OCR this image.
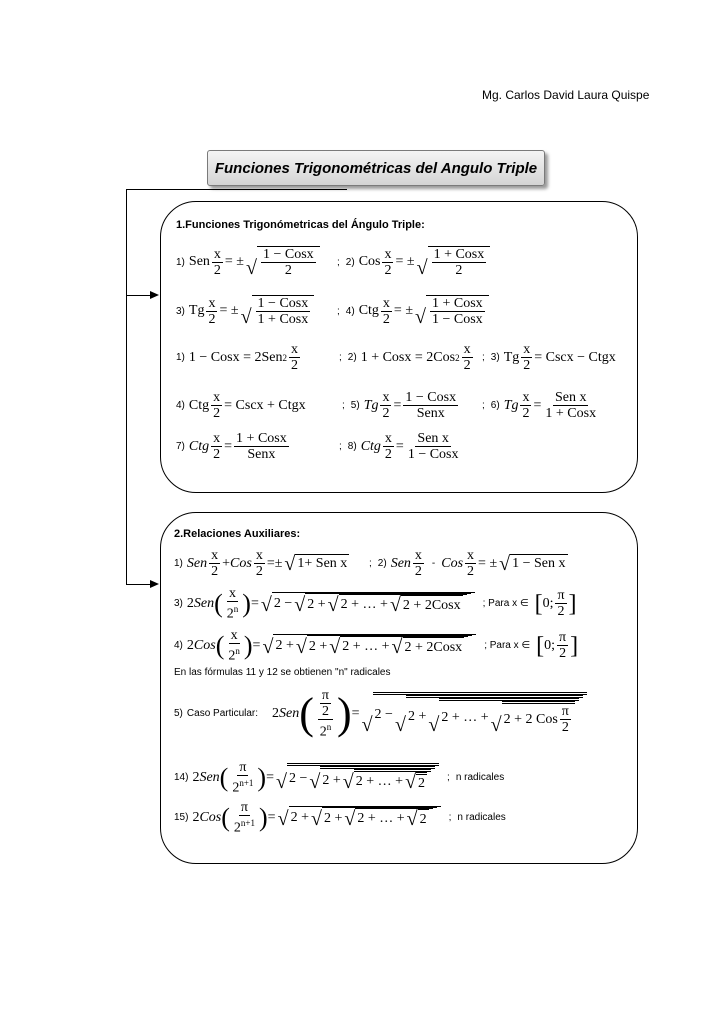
Mg. Carlos David Laura Quispe
Funciones Trigonométricas del Angulo Triple
1.Funciones Trigonómetricas del Ángulo Triple:
1) Sen $\frac{x}{2}$ = ± √ $\frac{\text{1 − Cosx}}{2}$ ; 2) Cos $\frac{x}{2}$ = ± √ $\frac{\text{1 + Cosx}}{2}$
3) Tg $\frac{x}{2}$ = ± √ $\frac{\text{1 − Cosx}}{\text{1 + Cosx}}$	; 4) Ctg $\frac{x}{2}$ = ± √ $\frac{\text{1 + Cosx}}{\text{1 − Cosx}}$
1) 1 − Cosx = 2Sen $2 \frac{x}{2}$	; 2) 1 + Cosx = 2Cos $2 \frac{x}{2}$ ; 3) Tg $\frac{x}{2}$ = Cscx − Ctgx
4) Ctg $\frac{x}{2}$ = Cscx + Ctgx	; 5) Tg $\frac{x}{2} = \frac{\text{1 − Cosx}}{\text{Senx}}$ ; 6) Tg $\frac{x}{2} = \frac{\text{Sen x}}{\text{1 + Cosx}}$
7) Ctg $\frac{x}{2} = \frac{\text{1 + Cosx}}{\text{Senx}}$	; 8) Ctg $\frac{x}{2} = \frac{\text{Sen x}}{\text{1 − Cosx}}$
2.Relaciones Auxiliares:
1) Sen $\frac{x}{2}$ + Cos $\frac{x}{2}$ =± √ 1+ Sen x ; 2) Sen $\frac{x}{2}$ - Cos $\frac{x}{2}$ = ± √ 1 − Sen x
3) 2 Sen ( $\frac{x}{2^n}$ ) = √ 2 − √ 2 + √ 2 + … + √ 2 + 2Cosx ; Para x ∈ [ 0; $\frac{\pi}{2}$ ]
4) 2 Cos ( $\frac{x}{2^n}$ ) = √ 2 + √ 2 + √ 2 + … + √ 2 + 2Cosx ; Para x ∈ [ 0; $\frac{\pi}{2}$ ]
En las fórmulas 11 y 12 se obtienen "n" radicales
5) Caso Particular: 2 Sen ( $\frac{\frac{\pi}{2}}{2^n}$ ) =
√ 2 − √ 2 + √ 2 + … + √ 2 + 2 Cos $\frac{\pi}{2}$
14) 2 Sen ( $\frac{\pi}{2^{n+1}}$ ) = √ 2 − √ 2 + √ 2 + … + √ 2 ; n radicales
15) 2 Cos ( $\frac{\pi}{2^{n+1}}$ ) = √ 2 + √ 2 + √ 2 + … + √ 2 ; n radicales
